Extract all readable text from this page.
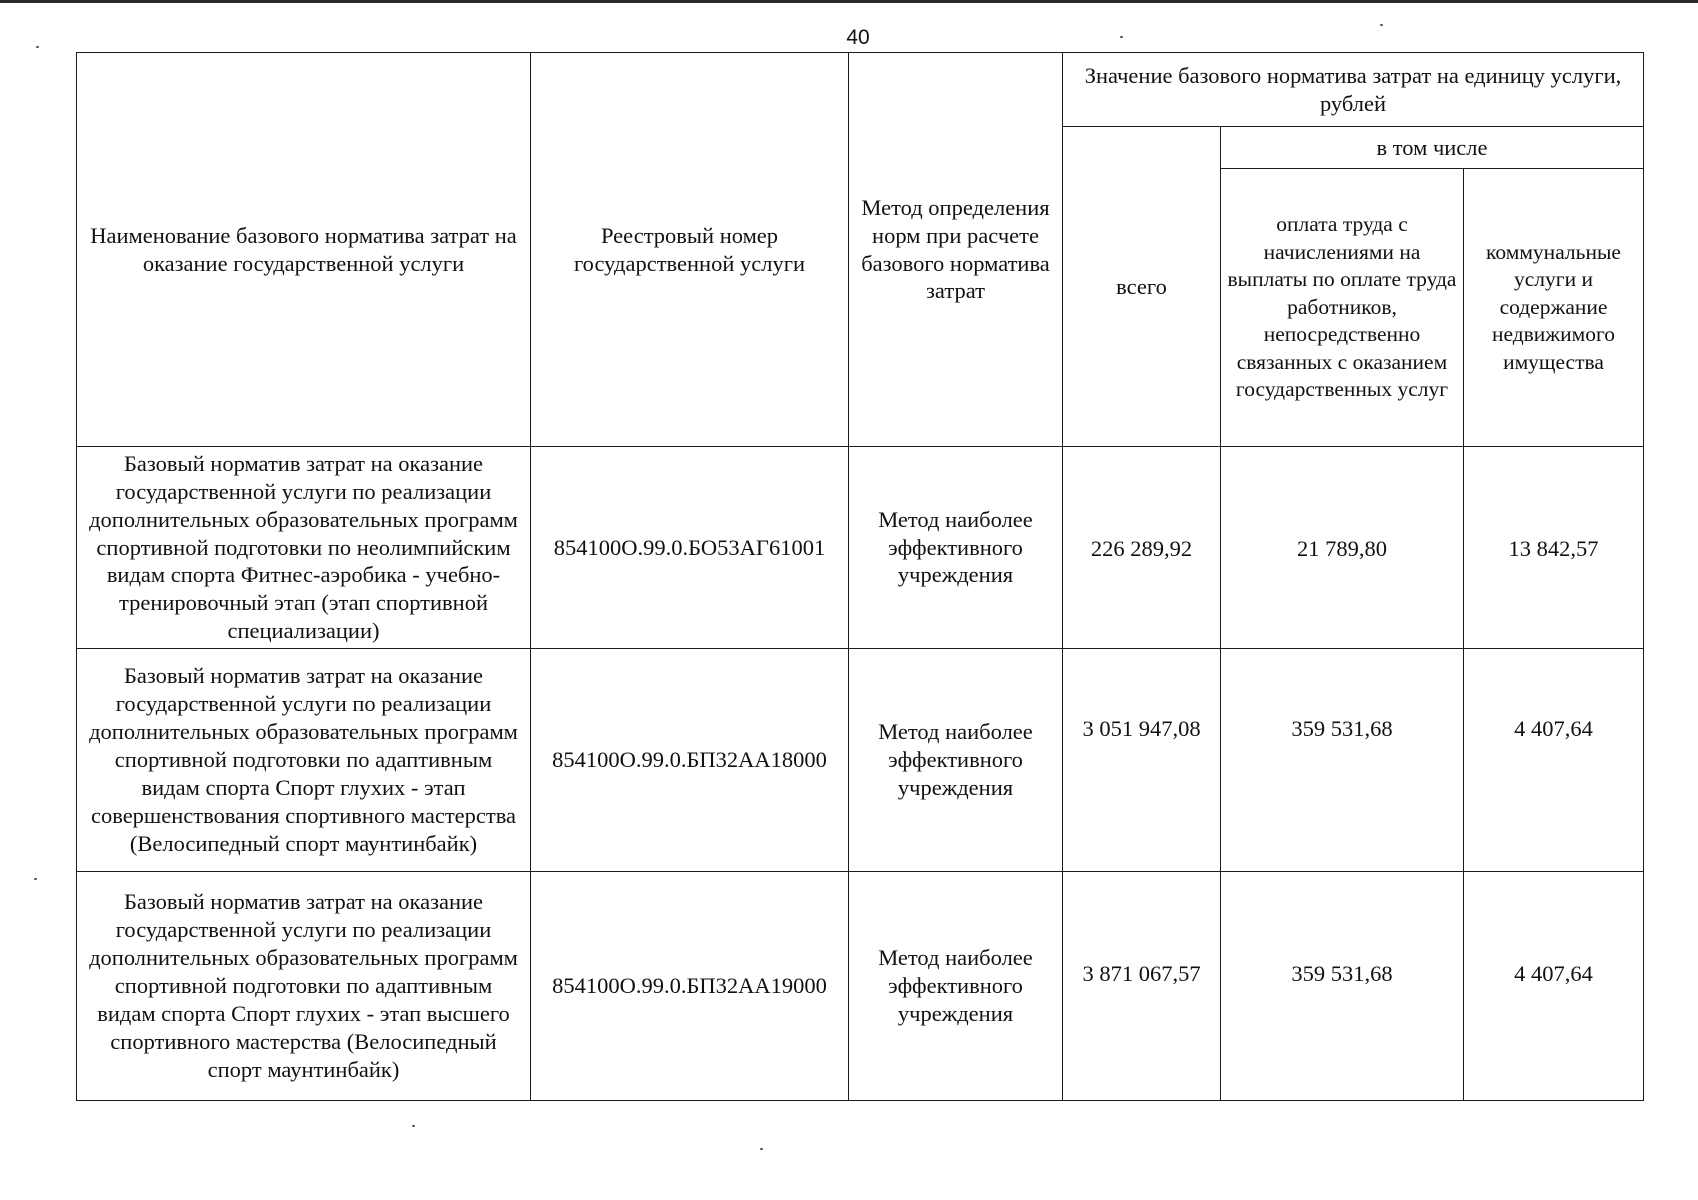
40
Наименование базового норматива затрат на оказание государственной услуги	Реестровый номер государственной услуги	Метод определения норм при расчете базового норматива затрат	Значение базового норматива затрат на единицу услуги, рублей		
			всего	в том числе	
				оплата труда с начислениями на выплаты по оплате труда работников, непосредственно связанных с оказанием государственных услуг	коммунальные услуги и содержание недвижимого имущества
Базовый норматив затрат на оказание государственной услуги по реализации дополнительных образовательных программ спортивной подготовки по неолимпийским видам спорта Фитнес-аэробика - учебно-тренировочный этап (этап спортивной специализации)	854100О.99.0.БО53АГ61001	Метод наиболее эффективного учреждения	226 289,92	21 789,80	13 842,57
Базовый норматив затрат на оказание государственной услуги по реализации дополнительных образовательных программ спортивной подготовки по адаптивным видам спорта Спорт глухих - этап совершенствования спортивного мастерства (Велосипедный спорт маунтинбайк)	854100О.99.0.БП32АА18000	Метод наиболее эффективного учреждения	3 051 947,08	359 531,68	4 407,64
Базовый норматив затрат на оказание государственной услуги по реализации дополнительных образовательных программ спортивной подготовки по адаптивным видам спорта Спорт глухих - этап высшего спортивного мастерства (Велосипедный спорт маунтинбайк)	854100О.99.0.БП32АА19000	Метод наиболее эффективного учреждения	3 871 067,57	359 531,68	4 407,64
